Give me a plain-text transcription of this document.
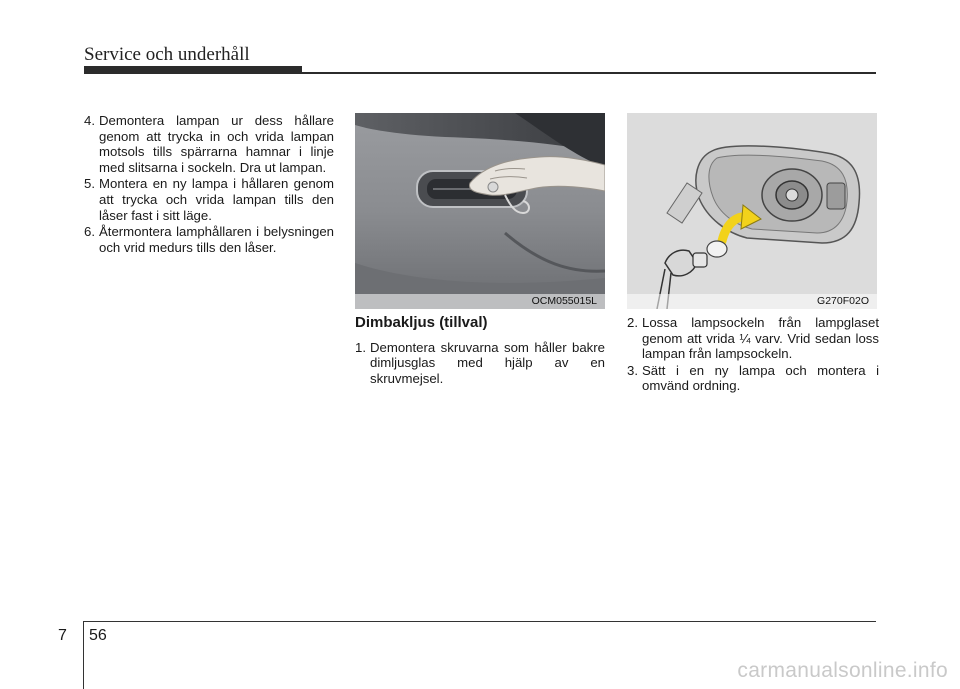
Service och underhåll
4. Demontera lampan ur dess hållare genom att trycka in och vrida lampan motsols tills spärrarna hamnar i linje med slitsarna i sockeln. Dra ut lampan.
5. Montera en ny lampa i hållaren genom att trycka och vrida lampan tills den låser fast i sitt läge.
6. Återmontera lamphållaren i belysningen och vrid medurs tills den låser.
OCM055015L	G270F02O
Dimbakljus (tillval)
1. Demontera skruvarna som håller bakre dimljusglas med hjälp av en skruvmejsel.
2. Lossa lampsockeln från lampglaset genom att vrida ¼ varv. Vrid sedan loss lampan från lampsockeln.
3. Sätt i en ny lampa och montera i omvänd ordning.
7 56
carmanualsonline.info
